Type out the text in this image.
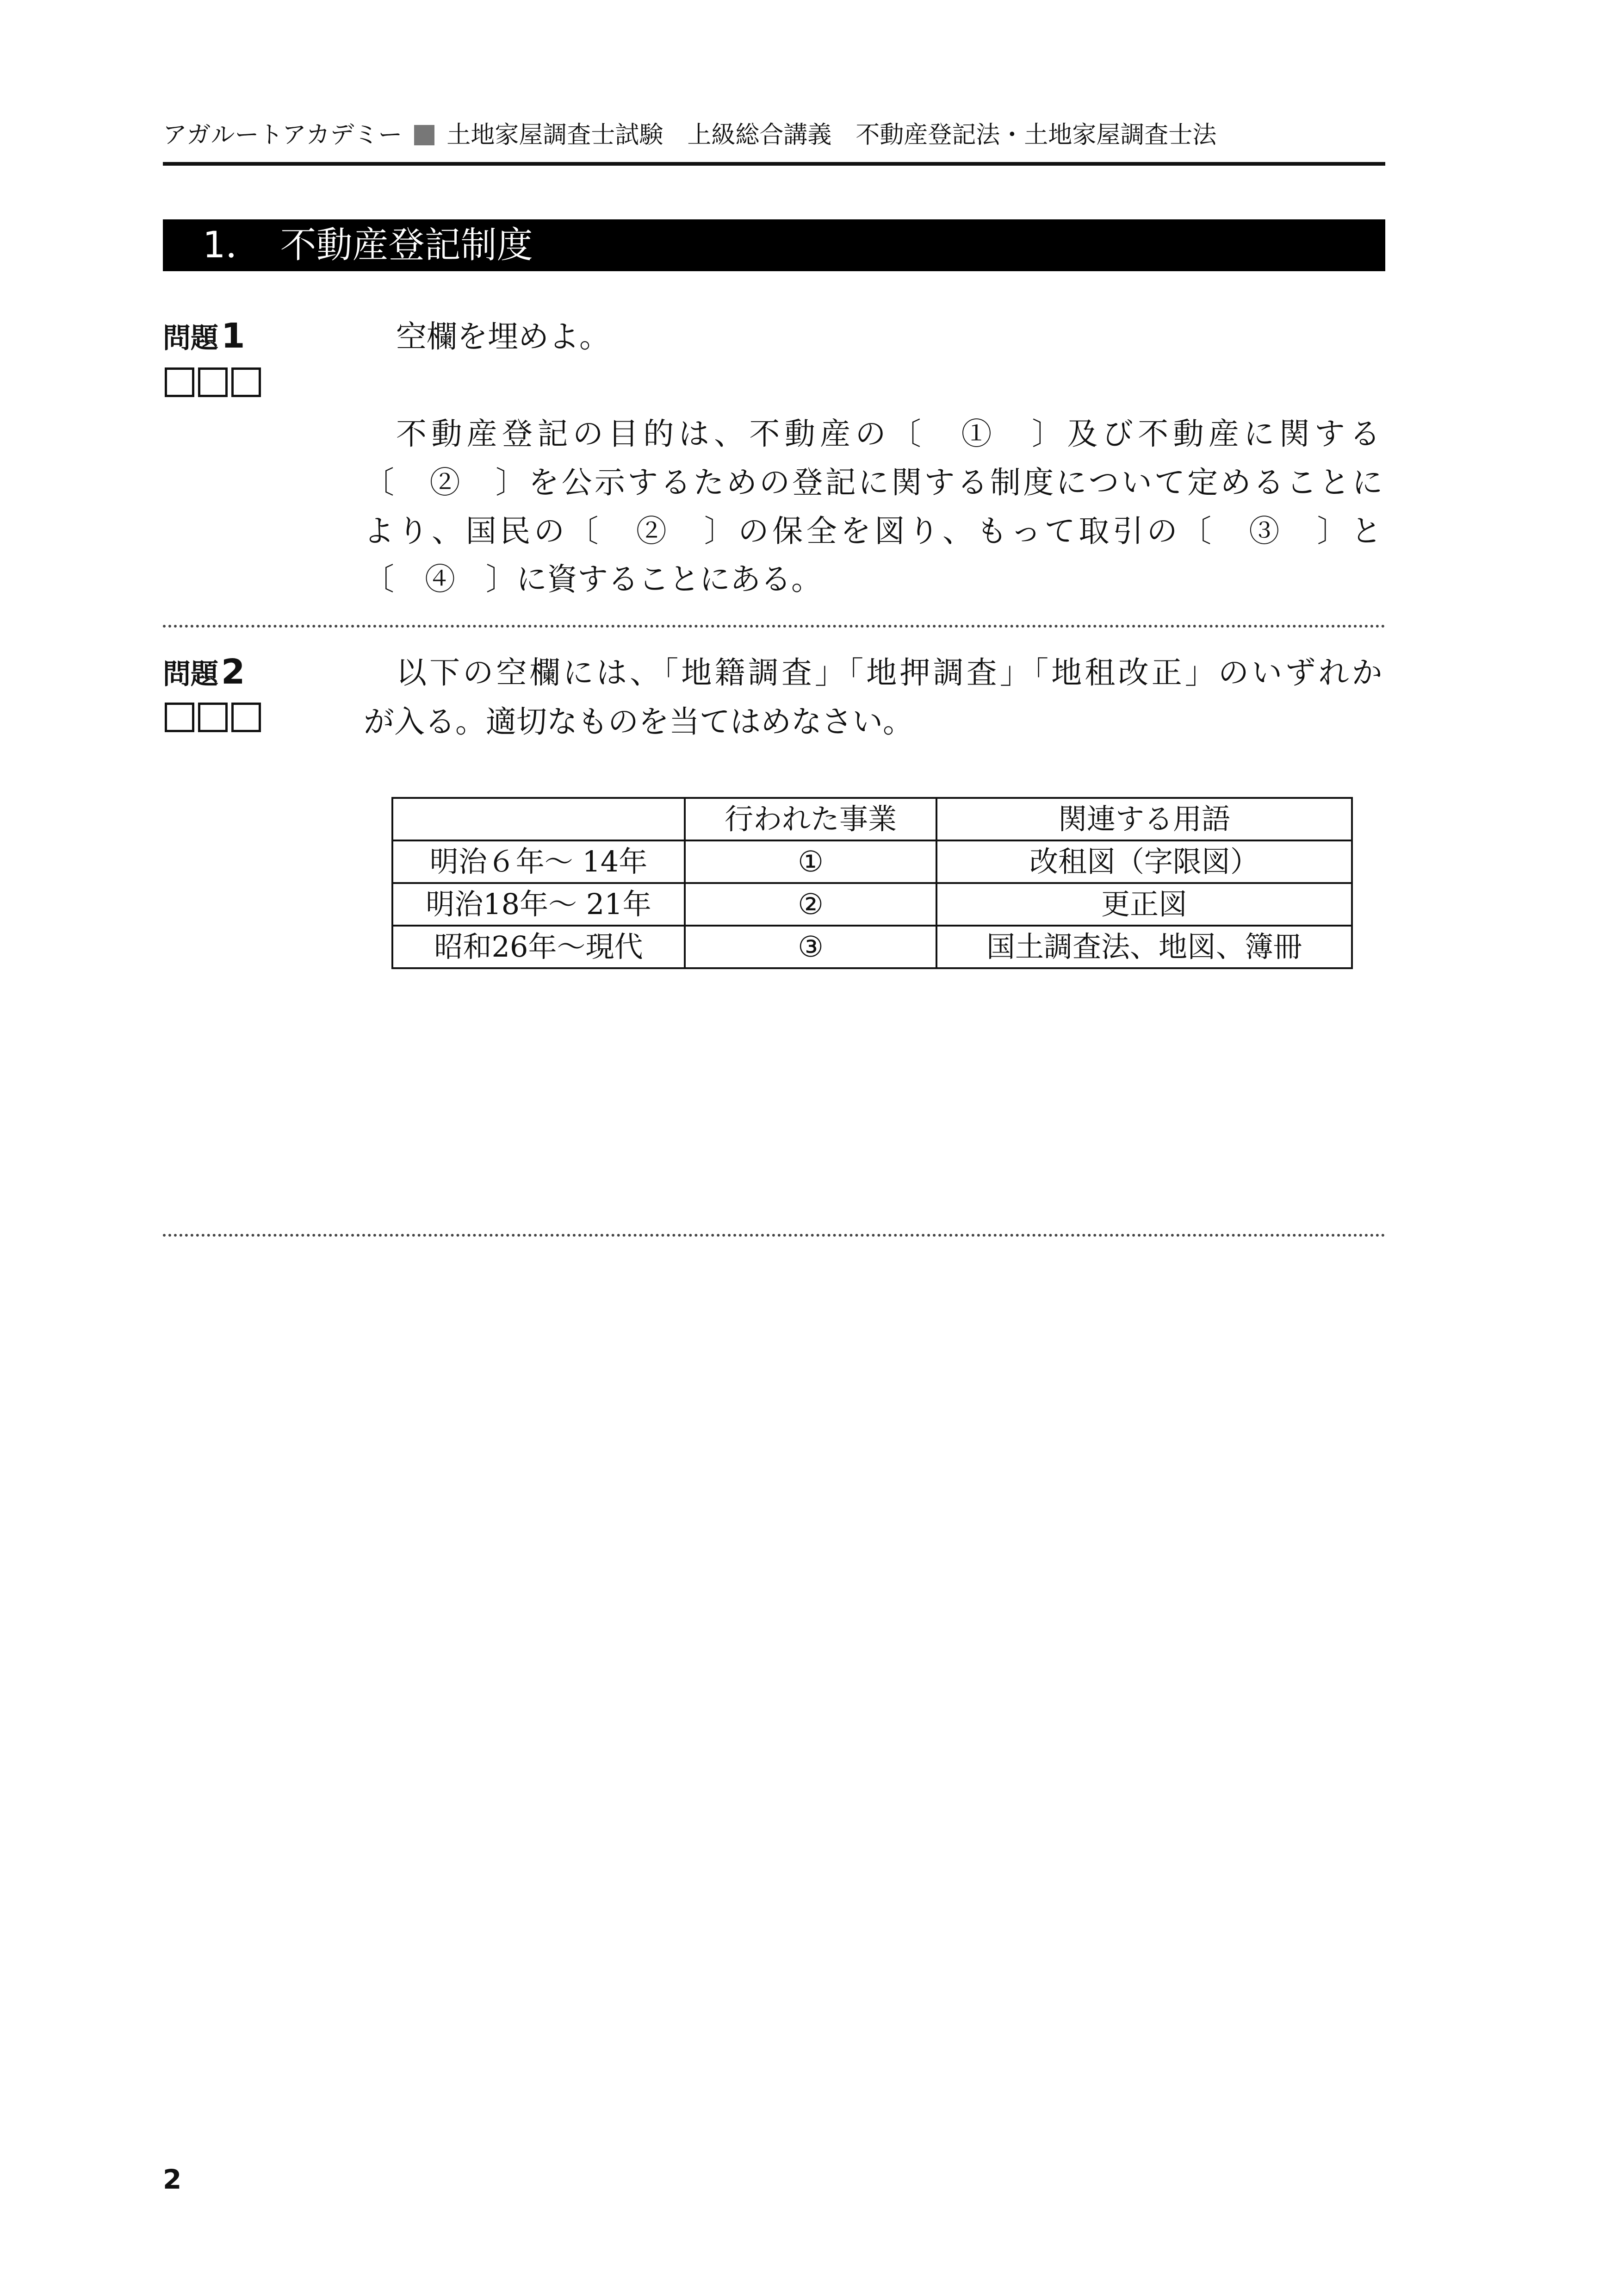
アガルートアカデミー 土地家屋調査士試験　上級総合講義　不動産登記法・土地家屋調査士法
1． 不動産登記制度
問題1	空欄を埋めよ。
不動産登記の目的は、不動産の〔　①　〕及び不動産に関する
〔　②　〕を公示するための登記に関する制度について定めることに
より、国民の〔　②　〕の保全を図り、もって取引の〔　③　〕と
〔　④　〕に資することにある。
問題2	以下の空欄には、「地籍調査」「地押調査」「地租改正」のいずれか
が入る。適切なものを当てはめなさい。
	行われた事業	関連する用語
明治６年～ 14年	①	改租図（字限図）
明治18年～ 21年	②	更正図
昭和26年～現代	③	国土調査法、地図、簿冊
2
